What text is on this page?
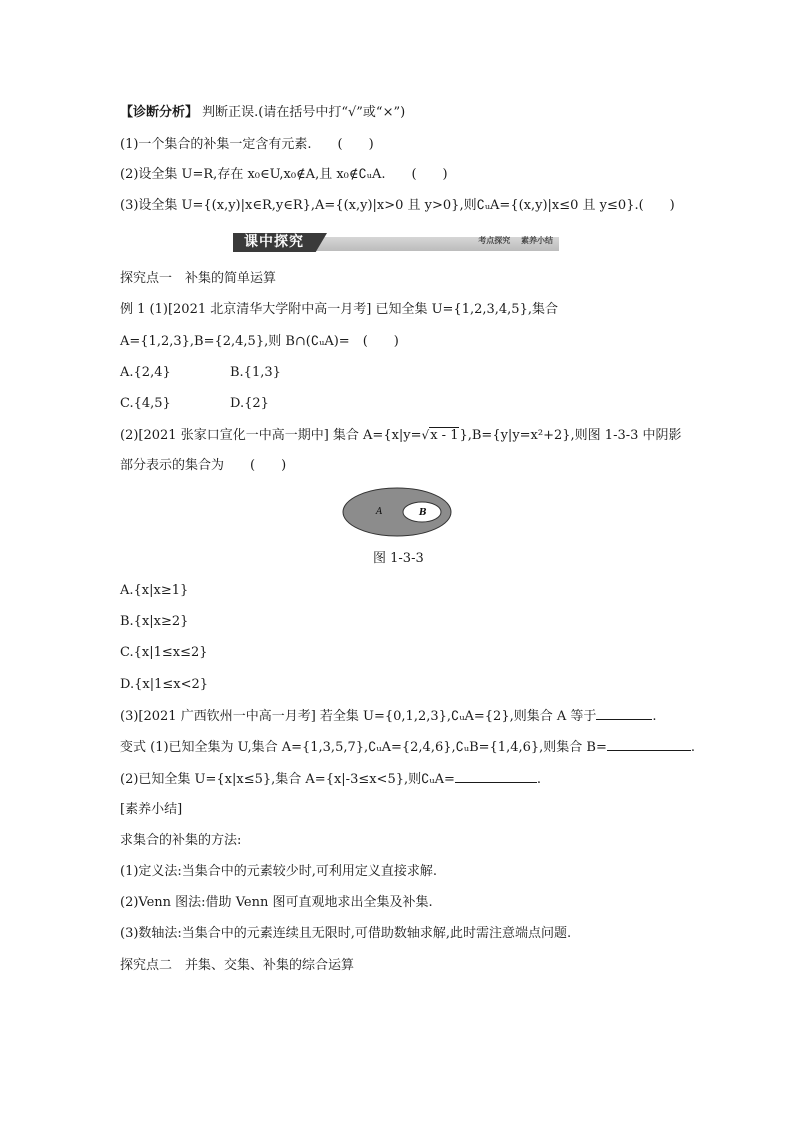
【诊断分析】 判断正误.(请在括号中打“√”或“×”)
(1)一个集合的补集一定含有元素.　　(　　)
(2)设全集 U=R,存在 x₀∈U,x₀∉A,且 x₀∉∁ᵤA.　　(　　)
(3)设全集 U={(x,y)|x∈R,y∈R},A={(x,y)|x>0 且 y>0},则∁ᵤA={(x,y)|x≤0 且 y≤0}.(　　)
课中探究	考点探究 素养小结
探究点一　补集的简单运算
例 1 (1)[2021 北京清华大学附中高一月考] 已知全集 U={1,2,3,4,5},集合
A={1,2,3},B={2,4,5},则 B∩(∁ᵤA)=　(　　)
A.{2,4}	B.{1,3}
C.{4,5}	D.{2}
(2)[2021 张家口宣化一中高一期中] 集合 A={x|y=√x - 1},B={y|y=x²+2},则图 1-3-3 中阴影
部分表示的集合为　　(　　)
A	B
图 1-3-3
A.{x|x≥1}
B.{x|x≥2}
C.{x|1≤x≤2}
D.{x|1≤x<2}
(3)[2021 广西钦州一中高一月考] 若全集 U={0,1,2,3},∁ᵤA={2},则集合 A 等于	.
变式 (1)已知全集为 U,集合 A={1,3,5,7},∁ᵤA={2,4,6},∁ᵤB={1,4,6},则集合 B=	.
(2)已知全集 U={x|x≤5},集合 A={x|-3≤x<5},则∁ᵤA=	.
[素养小结]
求集合的补集的方法:
(1)定义法:当集合中的元素较少时,可利用定义直接求解.
(2)Venn 图法:借助 Venn 图可直观地求出全集及补集.
(3)数轴法:当集合中的元素连续且无限时,可借助数轴求解,此时需注意端点问题.
探究点二　并集、交集、补集的综合运算
